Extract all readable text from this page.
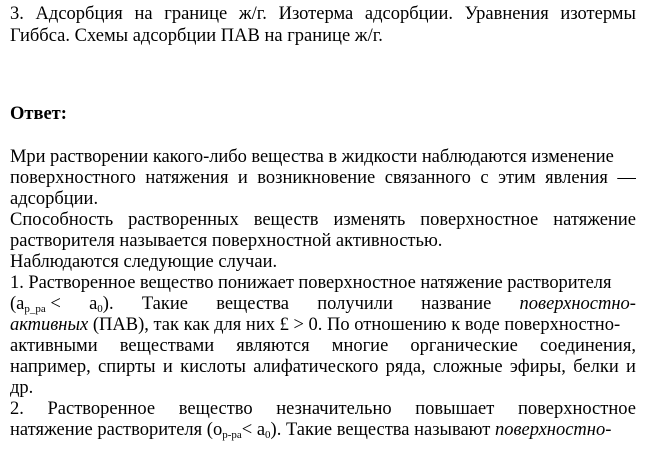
3. Адсорбция на границе ж/г. Изотерма адсорбции. Уравнения изотермы
Гиббса. Схемы адсорбции ПАВ на границе ж/г.
Ответ:
Мри растворении какого-либо вещества в жидкости наблюдаются изменение
поверхностного натяжения и возникновение связанного с этим явления —
адсорбции.
Способность растворенных веществ изменять поверхностное натяжение
растворителя называется поверхностной активностью.
Наблюдаются следующие случаи.
1. Растворенное вещество понижает поверхностное натяжение растворителя
$(a_{р\_ра} < a_0)$. Такие вещества получили название поверхностно-
активных (ПАВ), так как для них £ > 0. По отношению к воде поверхностно-
активными веществами являются многие органические соединения,
например, спирты и кислоты алифатического ряда, сложные эфиры, белки и
др.
2. Растворенное вещество незначительно повышает поверхностное
натяжение растворителя $(o_{р-ра}< a_0)$. Такие вещества называют поверхностно-
